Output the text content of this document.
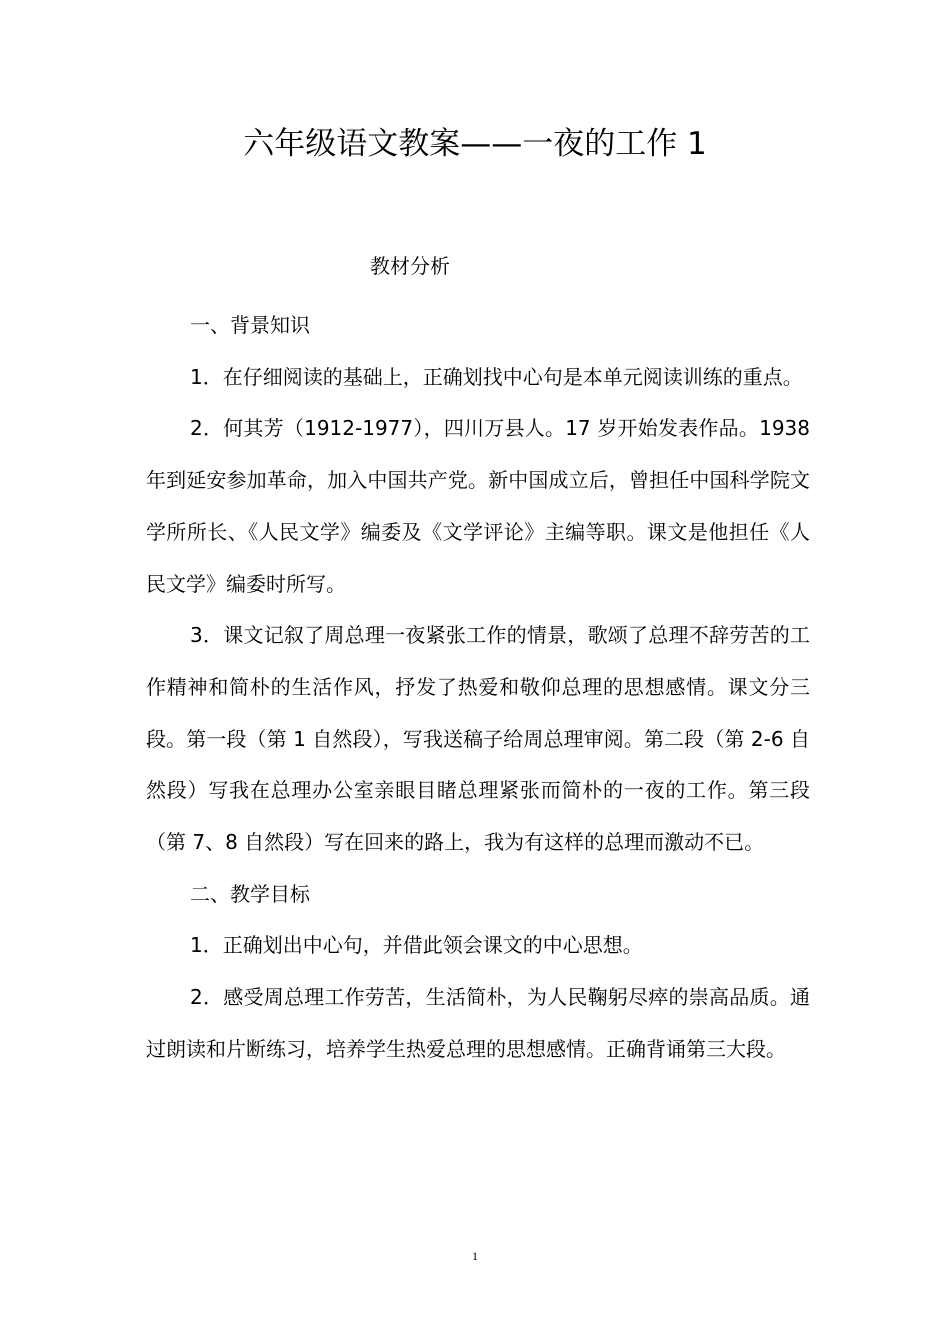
六年级语文教案——一夜的工作 1
教材分析

一、背景知识

1．在仔细阅读的基础上，正确划找中心句是本单元阅读训练的重点。

2．何其芳（1912-1977），四川万县人。17 岁开始发表作品。1938 年到延安参加革命，加入中国共产党。新中国成立后，曾担任中国科学院文学所所长、《人民文学》编委及《文学评论》主编等职。课文是他担任《人民文学》编委时所写。

3．课文记叙了周总理一夜紧张工作的情景，歌颂了总理不辞劳苦的工作精神和简朴的生活作风，抒发了热爱和敬仰总理的思想感情。课文分三段。第一段（第 1 自然段），写我送稿子给周总理审阅。第二段（第 2-6 自然段）写我在总理办公室亲眼目睹总理紧张而简朴的一夜的工作。第三段（第 7、8 自然段）写在回来的路上，我为有这样的总理而激动不已。

二、教学目标

1．正确划出中心句，并借此领会课文的中心思想。

2．感受周总理工作劳苦，生活简朴，为人民鞠躬尽瘁的崇高品质。通过朗读和片断练习，培养学生热爱总理的思想感情。正确背诵第三大段。

1
